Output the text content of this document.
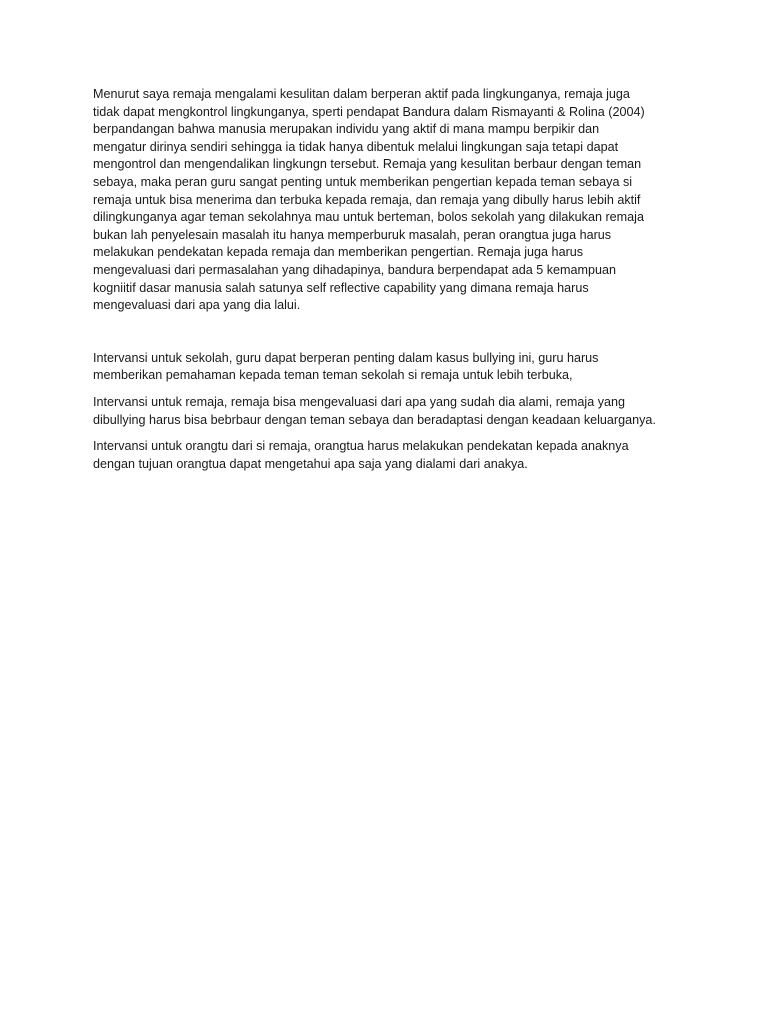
Menurut saya remaja mengalami kesulitan dalam berperan aktif pada lingkunganya, remaja juga
tidak dapat mengkontrol lingkunganya, sperti pendapat Bandura dalam Rismayanti & Rolina (2004)
berpandangan bahwa manusia merupakan individu yang aktif di mana mampu berpikir dan
mengatur dirinya sendiri sehingga ia tidak hanya dibentuk melalui lingkungan saja tetapi dapat
mengontrol dan mengendalikan lingkungn tersebut. Remaja yang kesulitan berbaur dengan teman
sebaya, maka peran guru sangat penting untuk memberikan pengertian kepada teman sebaya si
remaja untuk bisa menerima dan terbuka kepada remaja, dan remaja yang dibully harus lebih aktif
dilingkunganya agar teman sekolahnya mau untuk berteman, bolos sekolah yang dilakukan remaja
bukan lah penyelesain masalah itu hanya memperburuk masalah, peran orangtua juga harus
melakukan pendekatan kepada remaja dan memberikan pengertian. Remaja juga harus
mengevaluasi dari permasalahan yang dihadapinya, bandura berpendapat ada 5 kemampuan
kogniitif dasar manusia salah satunya self reflective capability yang dimana remaja harus
mengevaluasi dari apa yang dia lalui.

Intervansi untuk sekolah, guru dapat berperan penting dalam kasus bullying ini, guru harus
memberikan pemahaman kepada teman teman sekolah si remaja untuk lebih terbuka,

Intervansi untuk remaja, remaja bisa mengevaluasi dari apa yang sudah dia alami, remaja yang
dibullying harus bisa bebrbaur dengan teman sebaya dan beradaptasi dengan keadaan keluarganya.

Intervansi untuk orangtu dari si remaja, orangtua harus melakukan pendekatan kepada anaknya
dengan tujuan orangtua dapat mengetahui apa saja yang dialami dari anakya.
